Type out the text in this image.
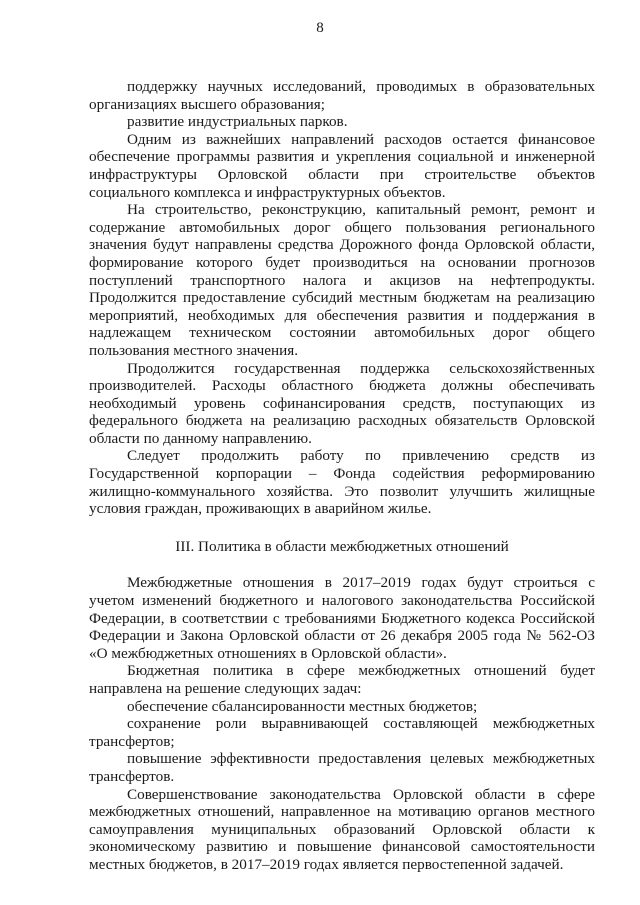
8

поддержку научных исследований, проводимых в образовательных организациях высшего образования;

развитие индустриальных парков.

Одним из важнейших направлений расходов остается финансовое обеспечение программы развития и укрепления социальной и инженерной инфраструктуры Орловской области при строительстве объектов социального комплекса и инфраструктурных объектов.

На строительство, реконструкцию, капитальный ремонт, ремонт и содержание автомобильных дорог общего пользования регионального значения будут направлены средства Дорожного фонда Орловской области, формирование которого будет производиться на основании прогнозов поступлений транспортного налога и акцизов на нефтепродукты. Продолжится предоставление субсидий местным бюджетам на реализацию мероприятий, необходимых для обеспечения развития и поддержания в надлежащем техническом состоянии автомобильных дорог общего пользования местного значения.

Продолжится государственная поддержка сельскохозяйственных производителей. Расходы областного бюджета должны обеспечивать необходимый уровень софинансирования средств, поступающих из федерального бюджета на реализацию расходных обязательств Орловской области по данному направлению.

Следует продолжить работу по привлечению средств из Государственной корпорации – Фонда содействия реформированию жилищно-коммунального хозяйства. Это позволит улучшить жилищные условия граждан, проживающих в аварийном жилье.

III. Политика в области межбюджетных отношений

Межбюджетные отношения в 2017–2019 годах будут строиться с учетом изменений бюджетного и налогового законодательства Российской Федерации, в соответствии с требованиями Бюджетного кодекса Российской Федерации и Закона Орловской области от 26 декабря 2005 года № 562-ОЗ «О межбюджетных отношениях в Орловской области».

Бюджетная политика в сфере межбюджетных отношений будет направлена на решение следующих задач:

обеспечение сбалансированности местных бюджетов;

сохранение роли выравнивающей составляющей межбюджетных трансфертов;

повышение эффективности предоставления целевых межбюджетных трансфертов.

Совершенствование законодательства Орловской области в сфере межбюджетных отношений, направленное на мотивацию органов местного самоуправления муниципальных образований Орловской области к экономическому развитию и повышение финансовой самостоятельности местных бюджетов, в 2017–2019 годах является первостепенной задачей.
